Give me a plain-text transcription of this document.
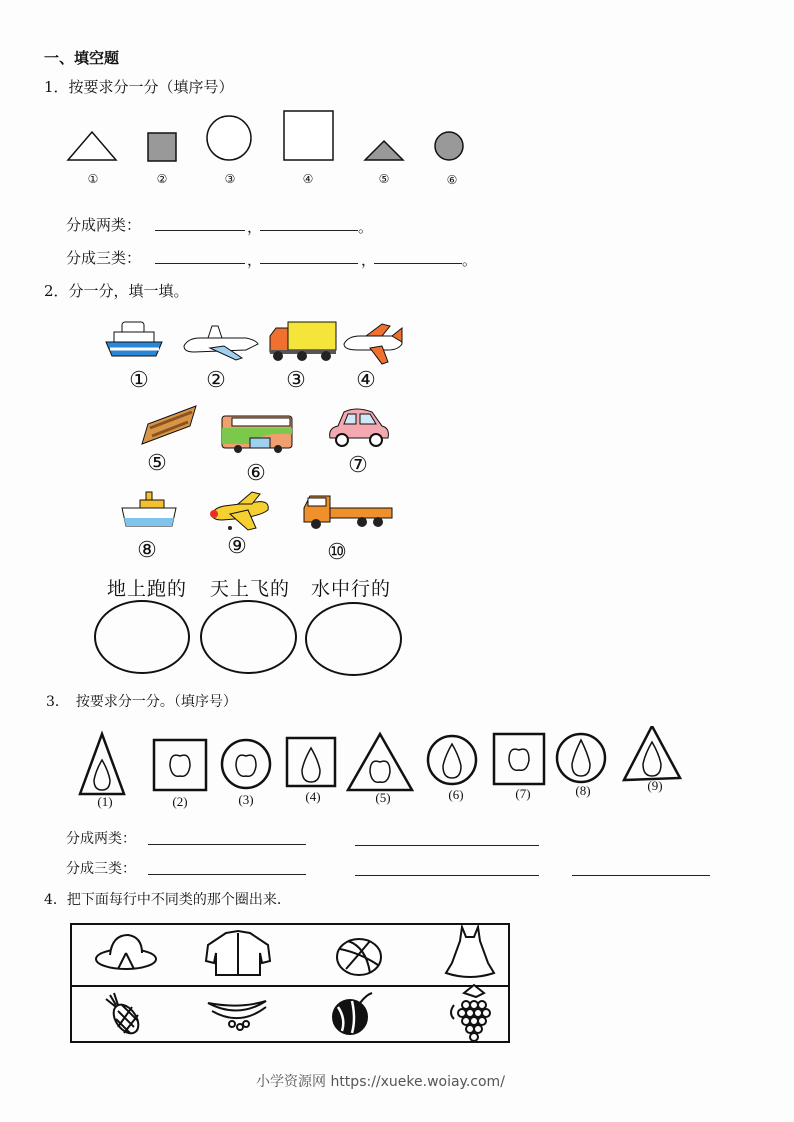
一、填空题
1．按要求分一分（填序号）
①	②	③	④	⑤	⑥
分成两类：	，	。
分成三类：	，	，	。
2．分一分，填一填。
①	②	③	④
⑤	⑥	⑦
⑧	⑨	⑩
地上跑的 天上飞的 水中行的
3．　按要求分一分。（填序号）
(1)	(2)	(3)	(4)	(5)	(6)	(7)	(8)	(9)
分成两类：
分成三类：
4．把下面每行中不同类的那个圈出来.
小学资源网 https://xueke.woiay.com/
